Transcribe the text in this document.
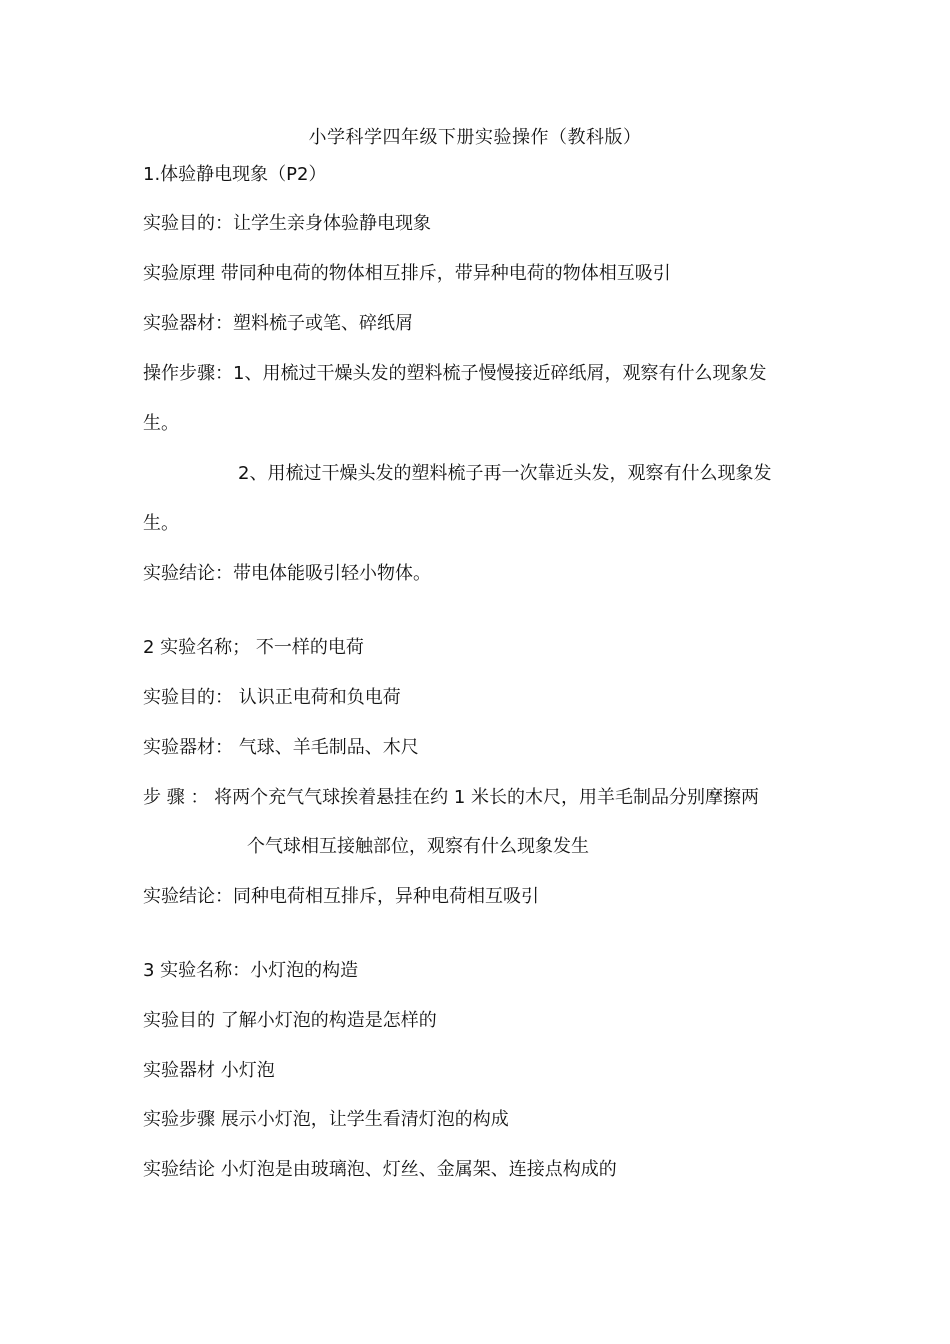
小学科学四年级下册实验操作（教科版）
1.体验静电现象（P2）
实验目的：让学生亲身体验静电现象
实验原理 带同种电荷的物体相互排斥，带异种电荷的物体相互吸引
实验器材：塑料梳子或笔、碎纸屑
操作步骤：1、用梳过干燥头发的塑料梳子慢慢接近碎纸屑，观察有什么现象发
生。
2、用梳过干燥头发的塑料梳子再一次靠近头发，观察有什么现象发
生。
实验结论：带电体能吸引轻小物体。
2 实验名称； 不一样的电荷
实验目的： 认识正电荷和负电荷
实验器材： 气球、羊毛制品、木尺
步 骤 ： 将两个充气气球挨着悬挂在约 1 米长的木尺，用羊毛制品分别摩擦两
个气球相互接触部位，观察有什么现象发生
实验结论：同种电荷相互排斥，异种电荷相互吸引
3 实验名称：小灯泡的构造
实验目的 了解小灯泡的构造是怎样的
实验器材 小灯泡
实验步骤 展示小灯泡，让学生看清灯泡的构成
实验结论 小灯泡是由玻璃泡、灯丝、金属架、连接点构成的
